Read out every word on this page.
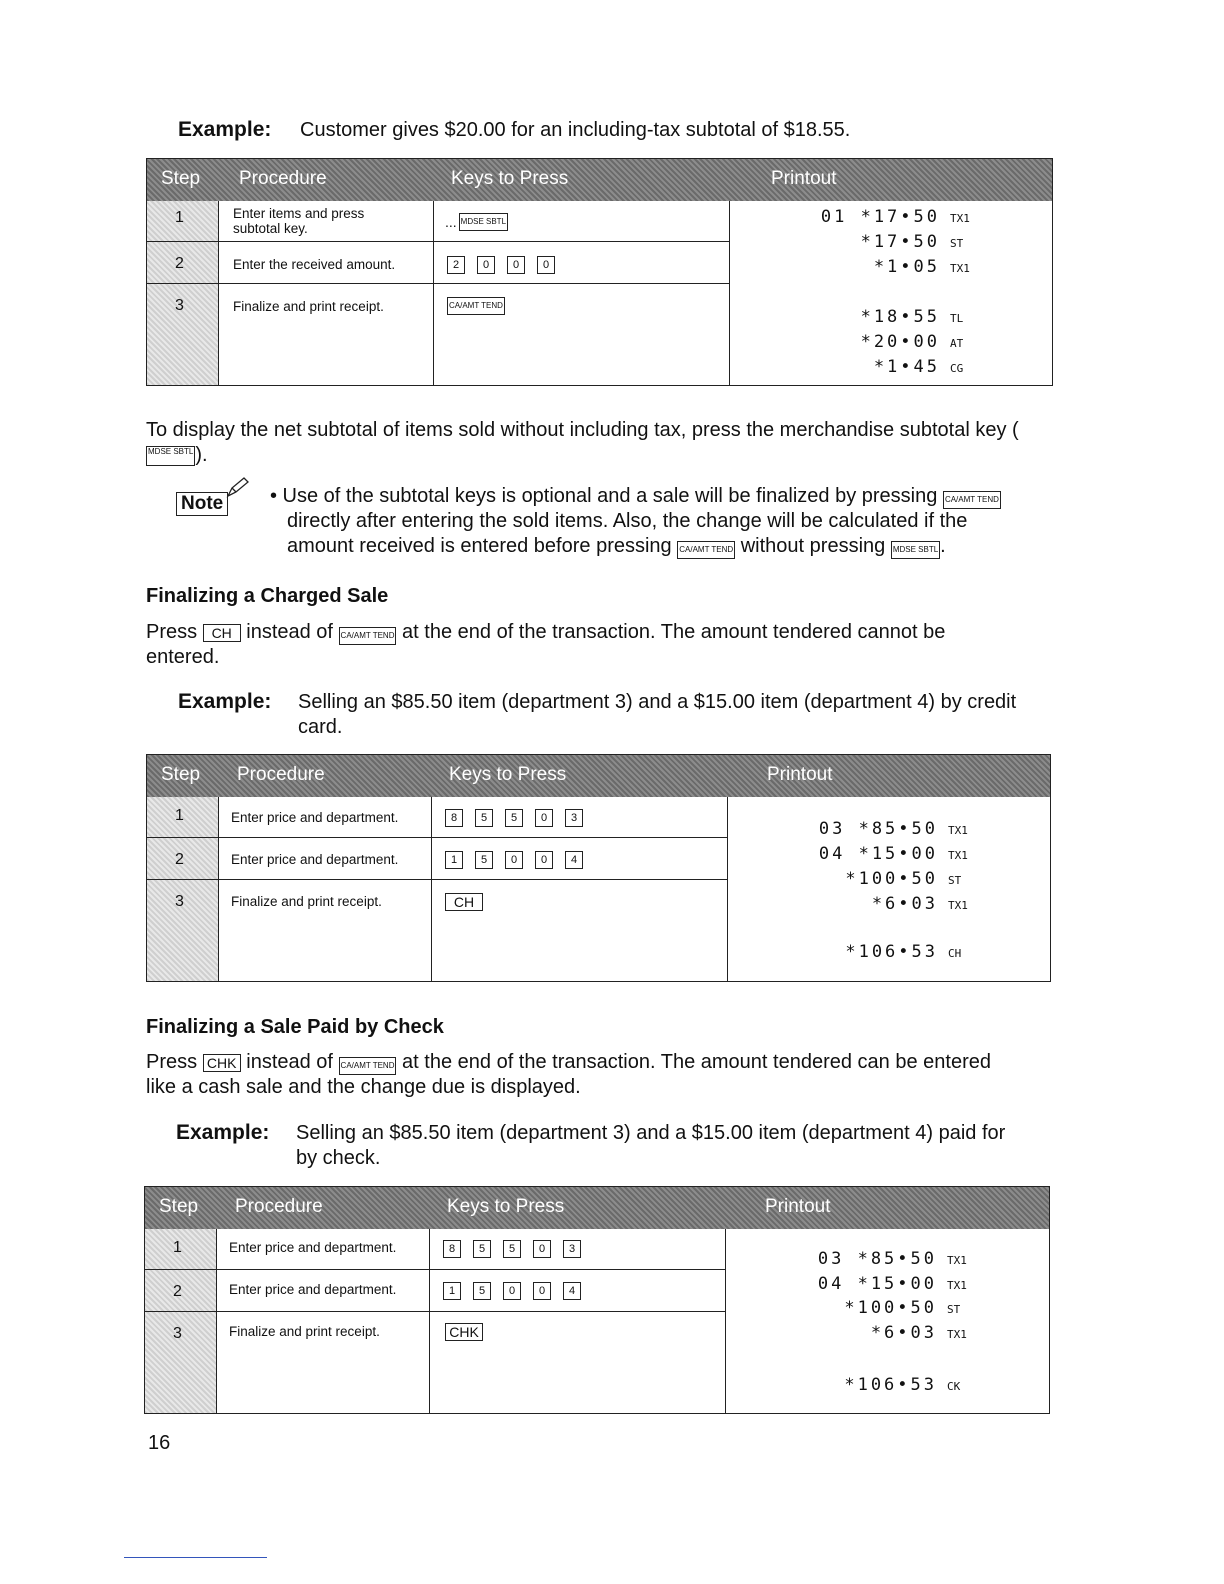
Example: Customer gives $20.00 for an including-tax subtotal of $18.55.
Step Procedure	Keys to Press	Printout
1	Enter items and press subtotal key.	... MDSE SBTL
2	Enter the received amount.	2	0	0	0
3	Finalize and print receipt.	CA/AMT TEND
01 *17•50 TX1
*17•50 ST
*1•05 TX1
*18•55 TL
*20•00 AT
*1•45 CG
To display the net subtotal of items sold without including tax, press the merchandise subtotal key (MDSE SBTL ).
Note • Use of the subtotal keys is optional and a sale will be finalized by pressing CA/AMT TEND
directly after entering the sold items. Also, the change will be calculated if the
amount received is entered before pressing CA/AMT TEND without pressing MDSE SBTL .
Finalizing a Charged Sale
Press CH instead of CA/AMT TEND at the end of the transaction. The amount tendered cannot be
entered.
Example: Selling an $85.50 item (department 3) and a $15.00 item (department 4) by credit
card.
Step Procedure	Keys to Press	Printout
1	Enter price and department.	8	5	5	0	3
2	Enter price and department.	1	5	0	0	4
3	Finalize and print receipt.	CH
03 *85•50 TX1
04 *15•00 TX1
*100•50 ST
*6•03 TX1
*106•53 CH
Finalizing a Sale Paid by Check
Press CHK instead of CA/AMT TEND at the end of the transaction. The amount tendered can be entered
like a cash sale and the change due is displayed.
Example: Selling an $85.50 item (department 3) and a $15.00 item (department 4) paid for
by check.
Step Procedure	Keys to Press	Printout
1	Enter price and department.	8	5	5	0	3
2	Enter price and department.	1	5	0	0	4
3	Finalize and print receipt.	CHK
03 *85•50 TX1
04 *15•00 TX1
*100•50 ST
*6•03 TX1
*106•53 CK
16
